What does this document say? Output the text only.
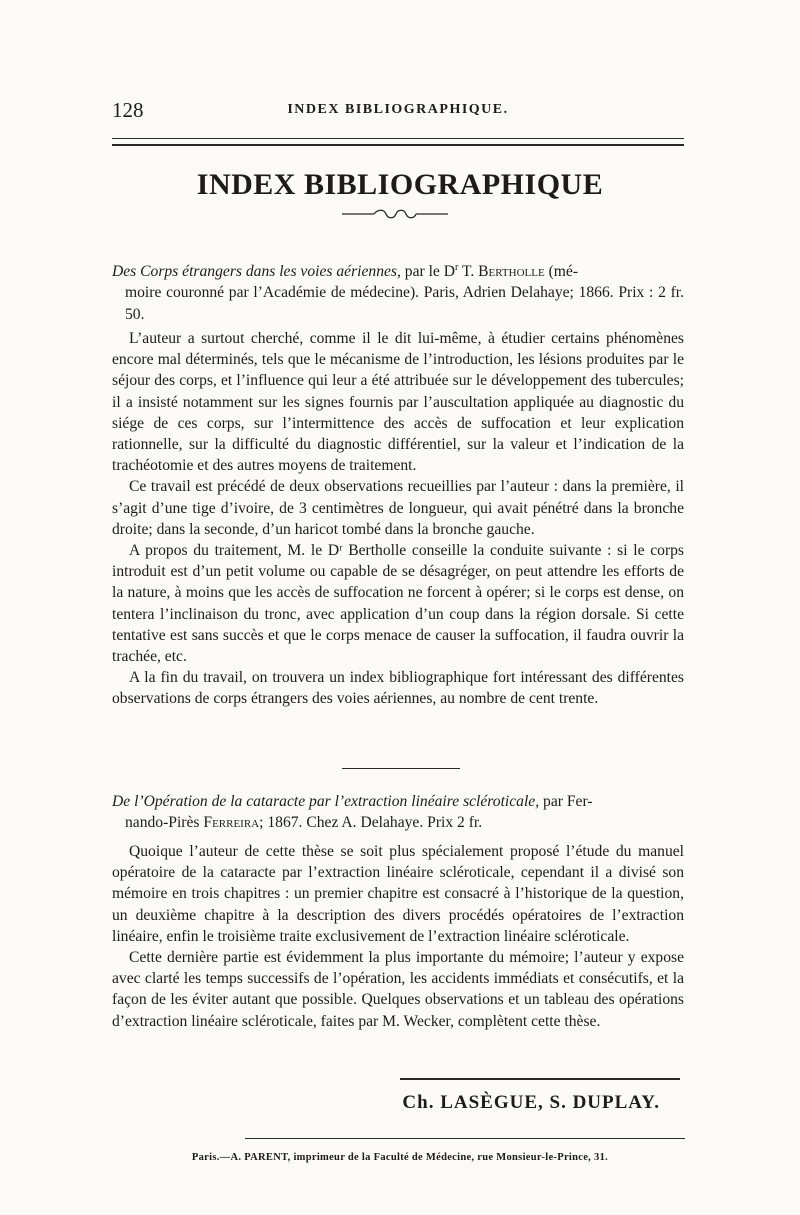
128	INDEX BIBLIOGRAPHIQUE.
INDEX BIBLIOGRAPHIQUE

Des Corps étrangers dans les voies aériennes, par le $D^r$ T. Bertholle (mé-

moire couronné par l’Académie de médecine). Paris, Adrien Delahaye; 1866. Prix : 2 fr. 50.

L’auteur a surtout cherché, comme il le dit lui-même, à étudier certains phénomènes encore mal déterminés, tels que le mécanisme de l’introduction, les lésions produites par le séjour des corps, et l’influence qui leur a été attribuée sur le développement des tubercules; il a insisté notamment sur les signes fournis par l’auscultation appliquée au diagnostic du siége de ces corps, sur l’intermittence des accès de suffocation et leur explication rationnelle, sur la difficulté du diagnostic différentiel, sur la valeur et l’indication de la trachéotomie et des autres moyens de traitement.

Ce travail est précédé de deux observations recueillies par l’auteur : dans la première, il s’agit d’une tige d’ivoire, de 3 centimètres de longueur, qui avait pénétré dans la bronche droite; dans la seconde, d’un haricot tombé dans la bronche gauche.

A propos du traitement, M. le Dʳ Bertholle conseille la conduite suivante : si le corps introduit est d’un petit volume ou capable de se désagréger, on peut attendre les efforts de la nature, à moins que les accès de suffocation ne forcent à opérer; si le corps est dense, on tentera l’inclinaison du tronc, avec application d’un coup dans la région dorsale. Si cette tentative est sans succès et que le corps menace de causer la suffocation, il faudra ouvrir la trachée, etc.

A la fin du travail, on trouvera un index bibliographique fort intéressant des différentes observations de corps étrangers des voies aériennes, au nombre de cent trente.

De l’Opération de la cataracte par l’extraction linéaire scléroticale, par Fer-

nando-Pirès Ferreira; 1867. Chez A. Delahaye. Prix 2 fr.

Quoique l’auteur de cette thèse se soit plus spécialement proposé l’étude du manuel opératoire de la cataracte par l’extraction linéaire scléroticale, cependant il a divisé son mémoire en trois chapitres : un premier chapitre est consacré à l’historique de la question, un deuxième chapitre à la description des divers procédés opératoires de l’extraction linéaire, enfin le troisième traite exclusivement de l’extraction linéaire scléroticale.

Cette dernière partie est évidemment la plus importante du mémoire; l’auteur y expose avec clarté les temps successifs de l’opération, les accidents immédiats et consécutifs, et la façon de les éviter autant que possible. Quelques observations et un tableau des opérations d’extraction linéaire scléroticale, faites par M. Wecker, complètent cette thèse.

Ch. LASÈGUE, S. DUPLAY.
Paris.—A. PARENT, imprimeur de la Faculté de Médecine, rue Monsieur-le-Prince, 31.
